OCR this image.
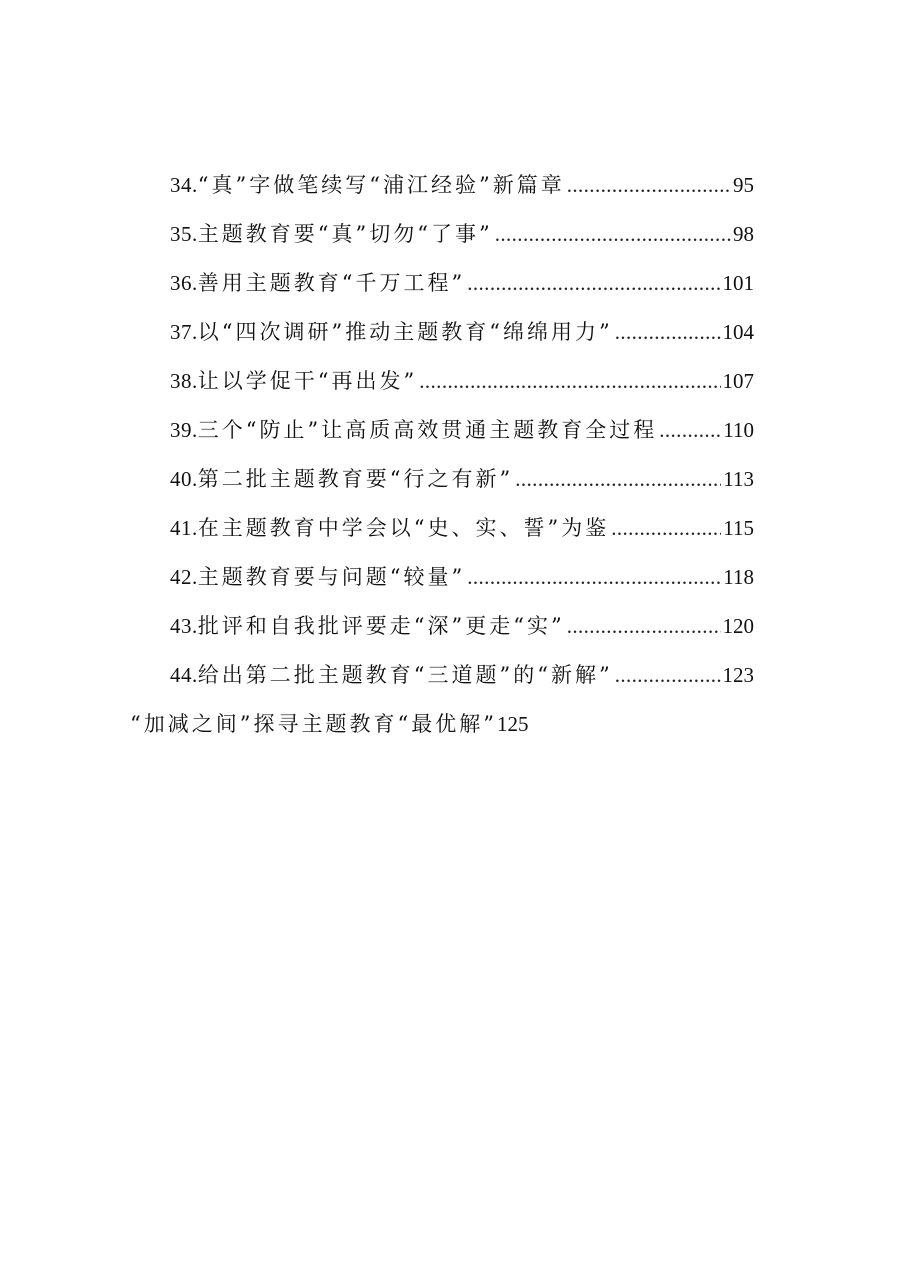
34. “真”字做笔续写“浦江经验”新篇章 .....	95
35. 主题教育要“真”切勿“了事” .....	98
36. 善用主题教育“千万工程” .....	101
37. 以“四次调研”推动主题教育“绵绵用力” .....	104
38. 让以学促干“再出发” .....	107
39. 三个“防止”让高质高效贯通主题教育全过程 .....	110
40. 第二批主题教育要“行之有新” .....	113
41. 在主题教育中学会以“史、实、誓”为鉴 .....	115
42. 主题教育要与问题“较量” .....	118
43. 批评和自我批评要走“深”更走“实” .....	120
44. 给出第二批主题教育“三道题”的“新解” .....	123
“加减之间”探寻主题教育“最优解”125
